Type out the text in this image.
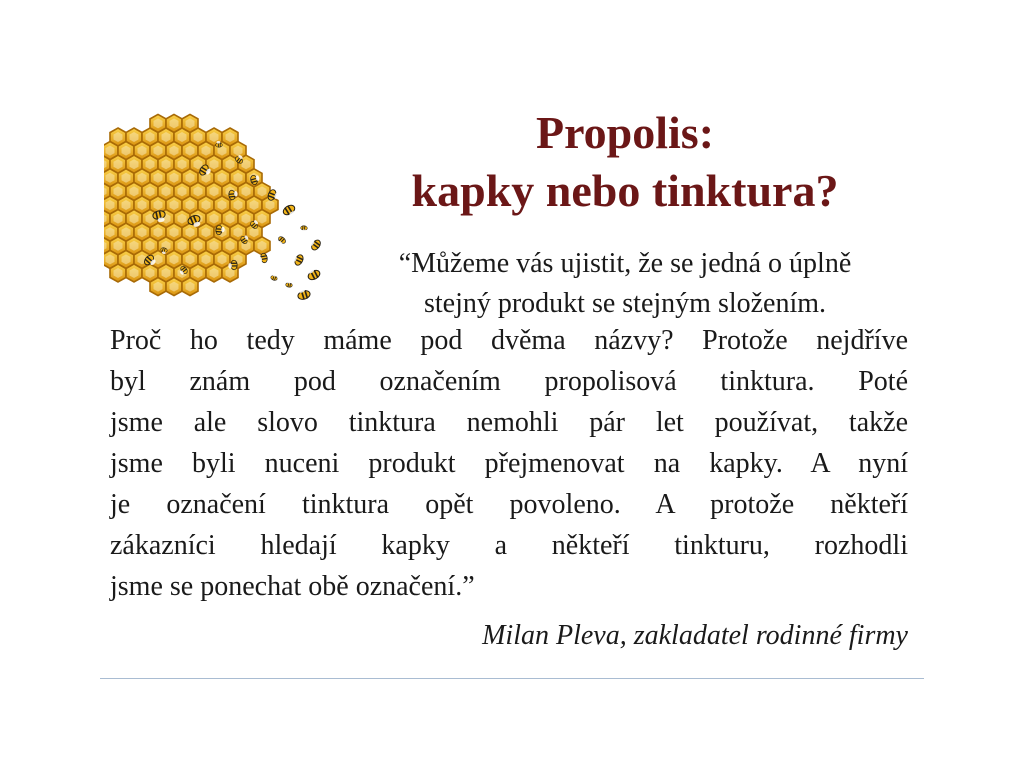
Propolis:
kapky nebo tinktura?
“Můžeme vás ujistit, že se jedná o úplně
stejný produkt se stejným složením.
Proč ho tedy máme pod dvěma názvy? Protože nejdříve
byl znám pod označením propolisová tinktura. Poté
jsme ale slovo tinktura nemohli pár let používat, takže
jsme byli nuceni produkt přejmenovat na kapky. A nyní
je označení tinktura opět povoleno. A protože někteří
zákazníci hledají kapky a někteří tinkturu, rozhodli
jsme se ponechat obě označení.”
Milan Pleva, zakladatel rodinné firmy
